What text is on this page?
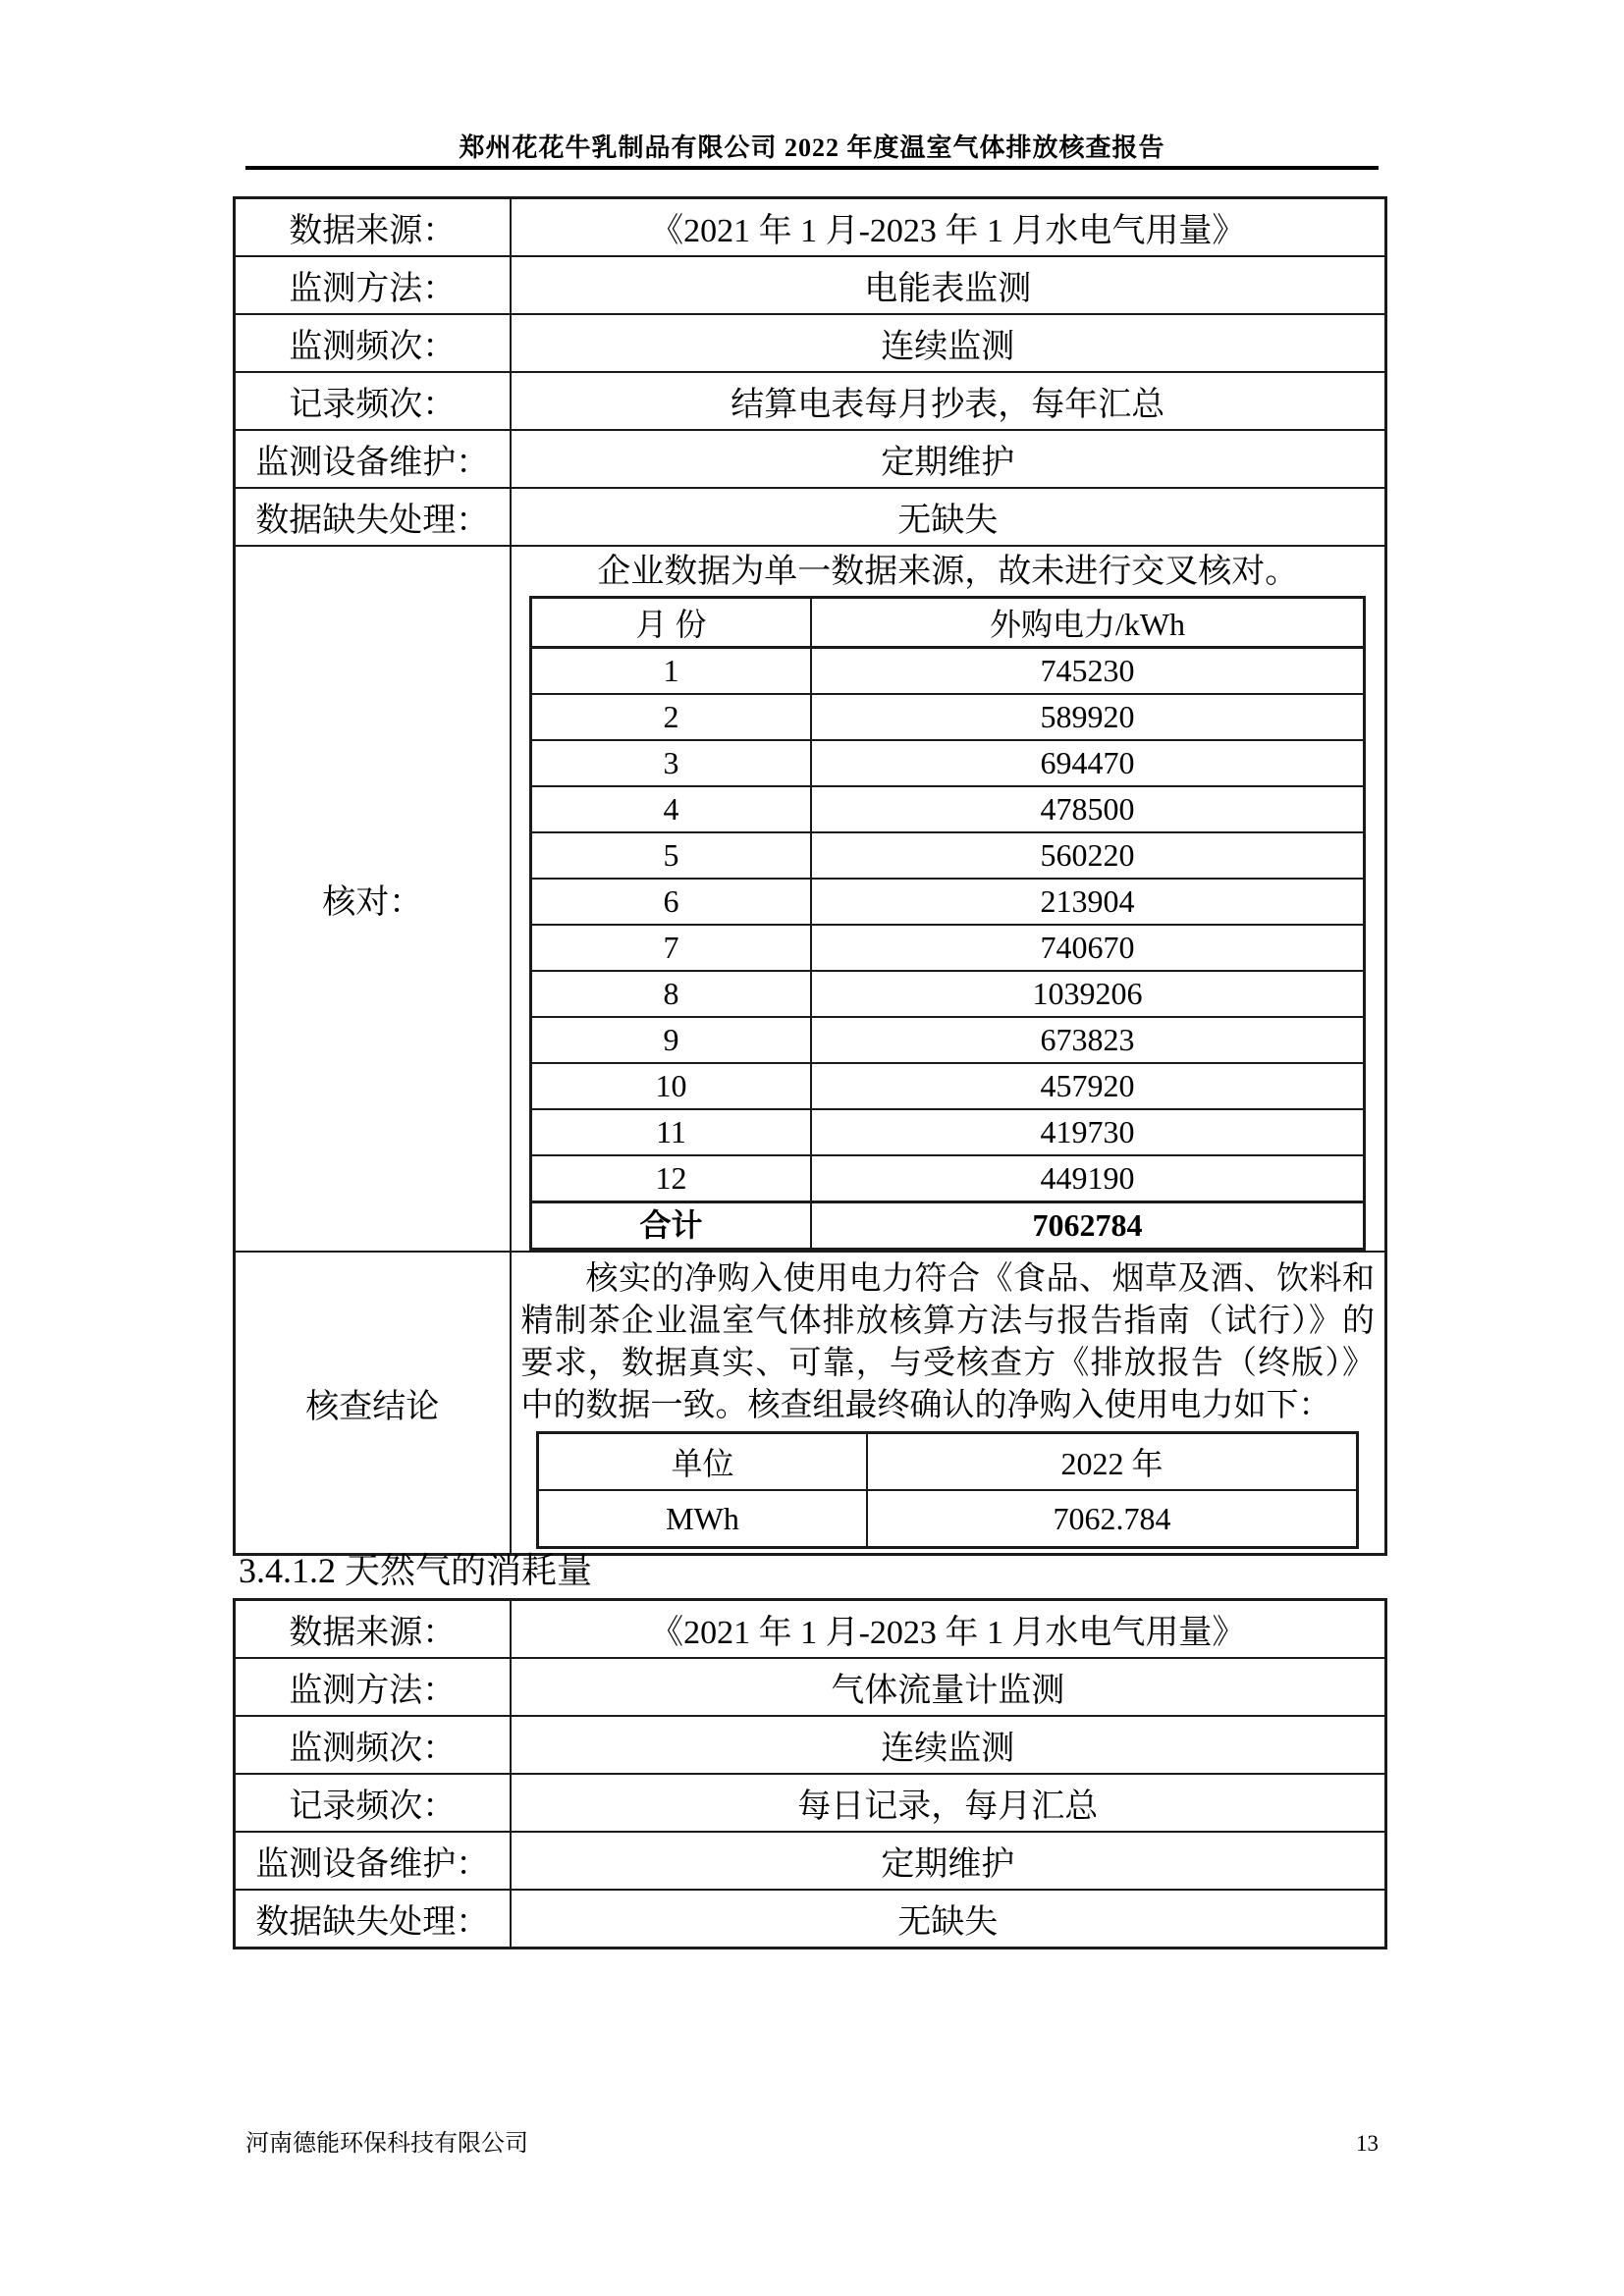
郑州花花牛乳制品有限公司 2022 年度温室气体排放核查报告
数据来源：	《2021 年 1 月-2023 年 1 月水电气用量》
监测方法：	电能表监测
监测频次：	连续监测
记录频次：	结算电表每月抄表，每年汇总
监测设备维护：	定期维护
数据缺失处理：	无缺失
核对：	
企业数据为单一数据来源，故未进行交叉核对。
月 份	外购电力/kWh
1	745230
2	589920
3	694470
4	478500
5	560220
6	213904
7	740670
8	1039206
9	673823
10	457920
11	419730
12	449190
合计	7062784

核查结论	

核实的净购入使用电力符合《食品、烟草及酒、饮料和精制茶企业温室气体排放核算方法与报告指南（试行）》的要求，数据真实、可靠，与受核查方《排放报告（终版）》中的数据一致。核查组最终确认的净购入使用电力如下：

单位	2022 年
MWh	7062.784
3.4.1.2 天然气的消耗量
数据来源：	《2021 年 1 月-2023 年 1 月水电气用量》
监测方法：	气体流量计监测
监测频次：	连续监测
记录频次：	每日记录，每月汇总
监测设备维护：	定期维护
数据缺失处理：	无缺失
河南德能环保科技有限公司	13
